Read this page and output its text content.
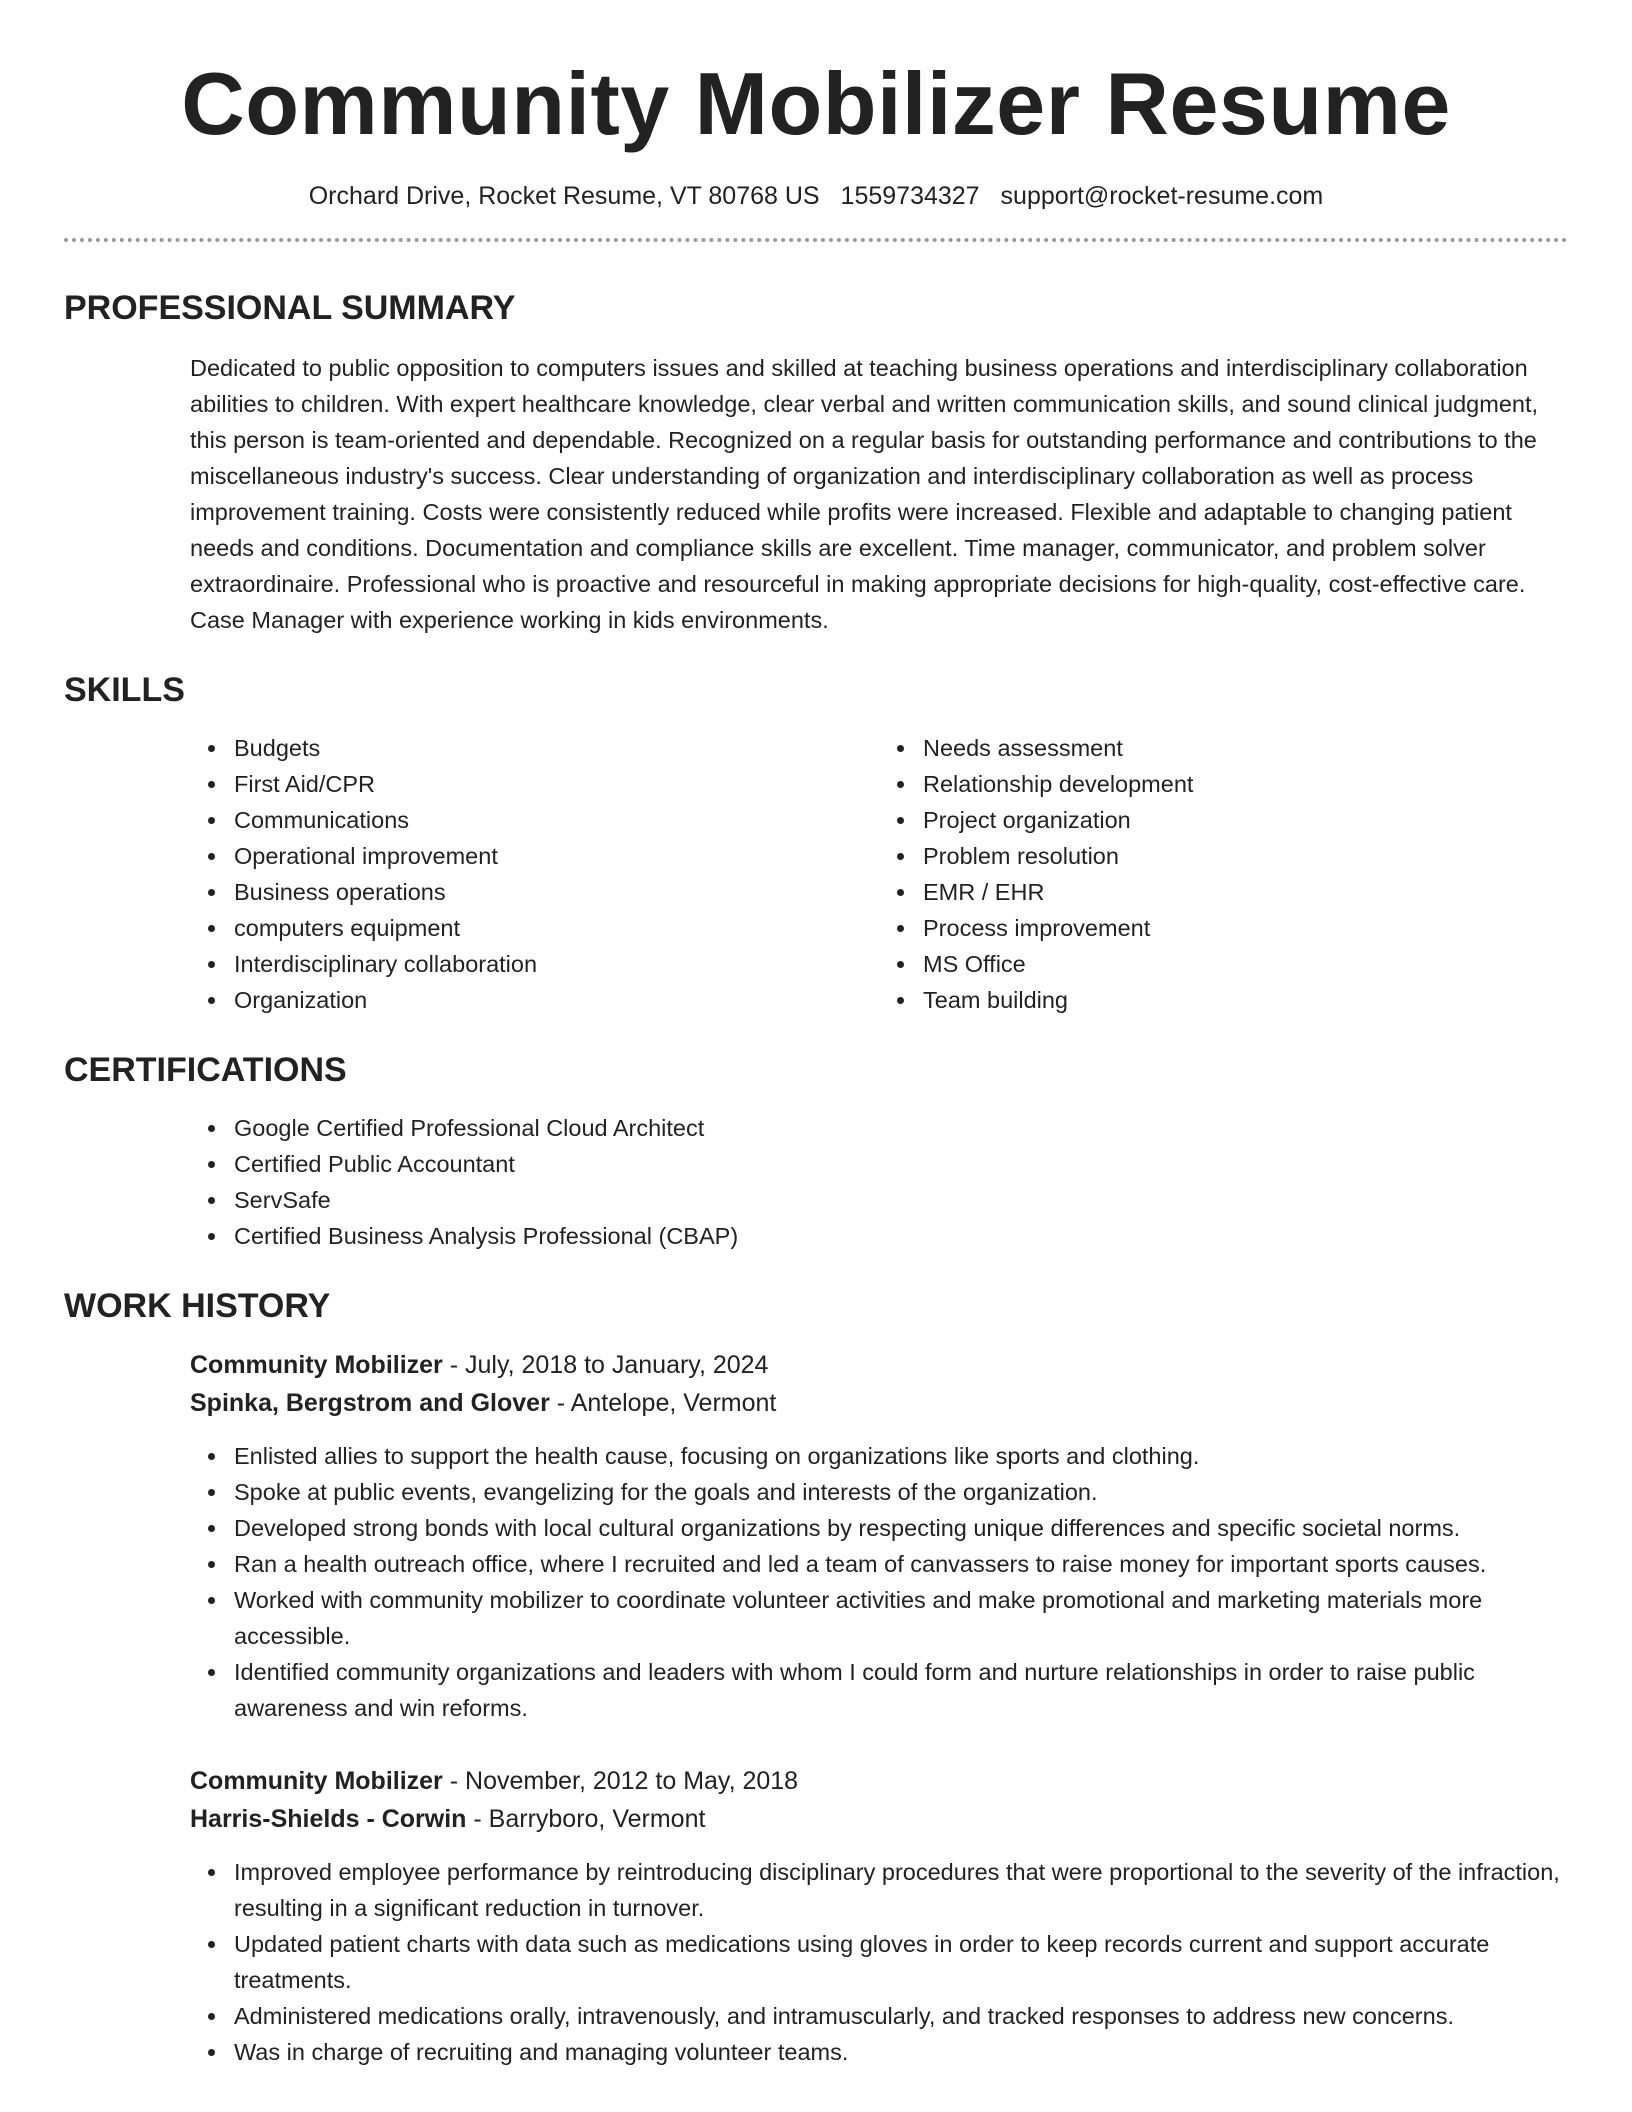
Community Mobilizer Resume
Orchard Drive, Rocket Resume, VT 80768 US 1559734327 support@rocket-resume.com
PROFESSIONAL SUMMARY

Dedicated to public opposition to computers issues and skilled at teaching business operations and interdisciplinary collaboration abilities to children. With expert healthcare knowledge, clear verbal and written communication skills, and sound clinical judgment, this person is team-oriented and dependable. Recognized on a regular basis for outstanding performance and contributions to the miscellaneous industry's success. Clear understanding of organization and interdisciplinary collaboration as well as process improvement training. Costs were consistently reduced while profits were increased. Flexible and adaptable to changing patient needs and conditions. Documentation and compliance skills are excellent. Time manager, communicator, and problem solver extraordinaire. Professional who is proactive and resourceful in making appropriate decisions for high-quality, cost-effective care. Case Manager with experience working in kids environments.

SKILLS
Budgets
First Aid/CPR
Communications
Operational improvement
Business operations
computers equipment
Interdisciplinary collaboration
Organization
Needs assessment
Relationship development
Project organization
Problem resolution
EMR / EHR
Process improvement
MS Office
Team building
CERTIFICATIONS
Google Certified Professional Cloud Architect
Certified Public Accountant
ServSafe
Certified Business Analysis Professional (CBAP)
WORK HISTORY
Community Mobilizer - July, 2018 to January, 2024
Spinka, Bergstrom and Glover - Antelope, Vermont
Enlisted allies to support the health cause, focusing on organizations like sports and clothing.
Spoke at public events, evangelizing for the goals and interests of the organization.
Developed strong bonds with local cultural organizations by respecting unique differences and specific societal norms.
Ran a health outreach office, where I recruited and led a team of canvassers to raise money for important sports causes.
Worked with community mobilizer to coordinate volunteer activities and make promotional and marketing materials more accessible.
Identified community organizations and leaders with whom I could form and nurture relationships in order to raise public awareness and win reforms.
Community Mobilizer - November, 2012 to May, 2018
Harris-Shields - Corwin - Barryboro, Vermont
Improved employee performance by reintroducing disciplinary procedures that were proportional to the severity of the infraction, resulting in a significant reduction in turnover.
Updated patient charts with data such as medications using gloves in order to keep records current and support accurate treatments.
Administered medications orally, intravenously, and intramuscularly, and tracked responses to address new concerns.
Was in charge of recruiting and managing volunteer teams.
